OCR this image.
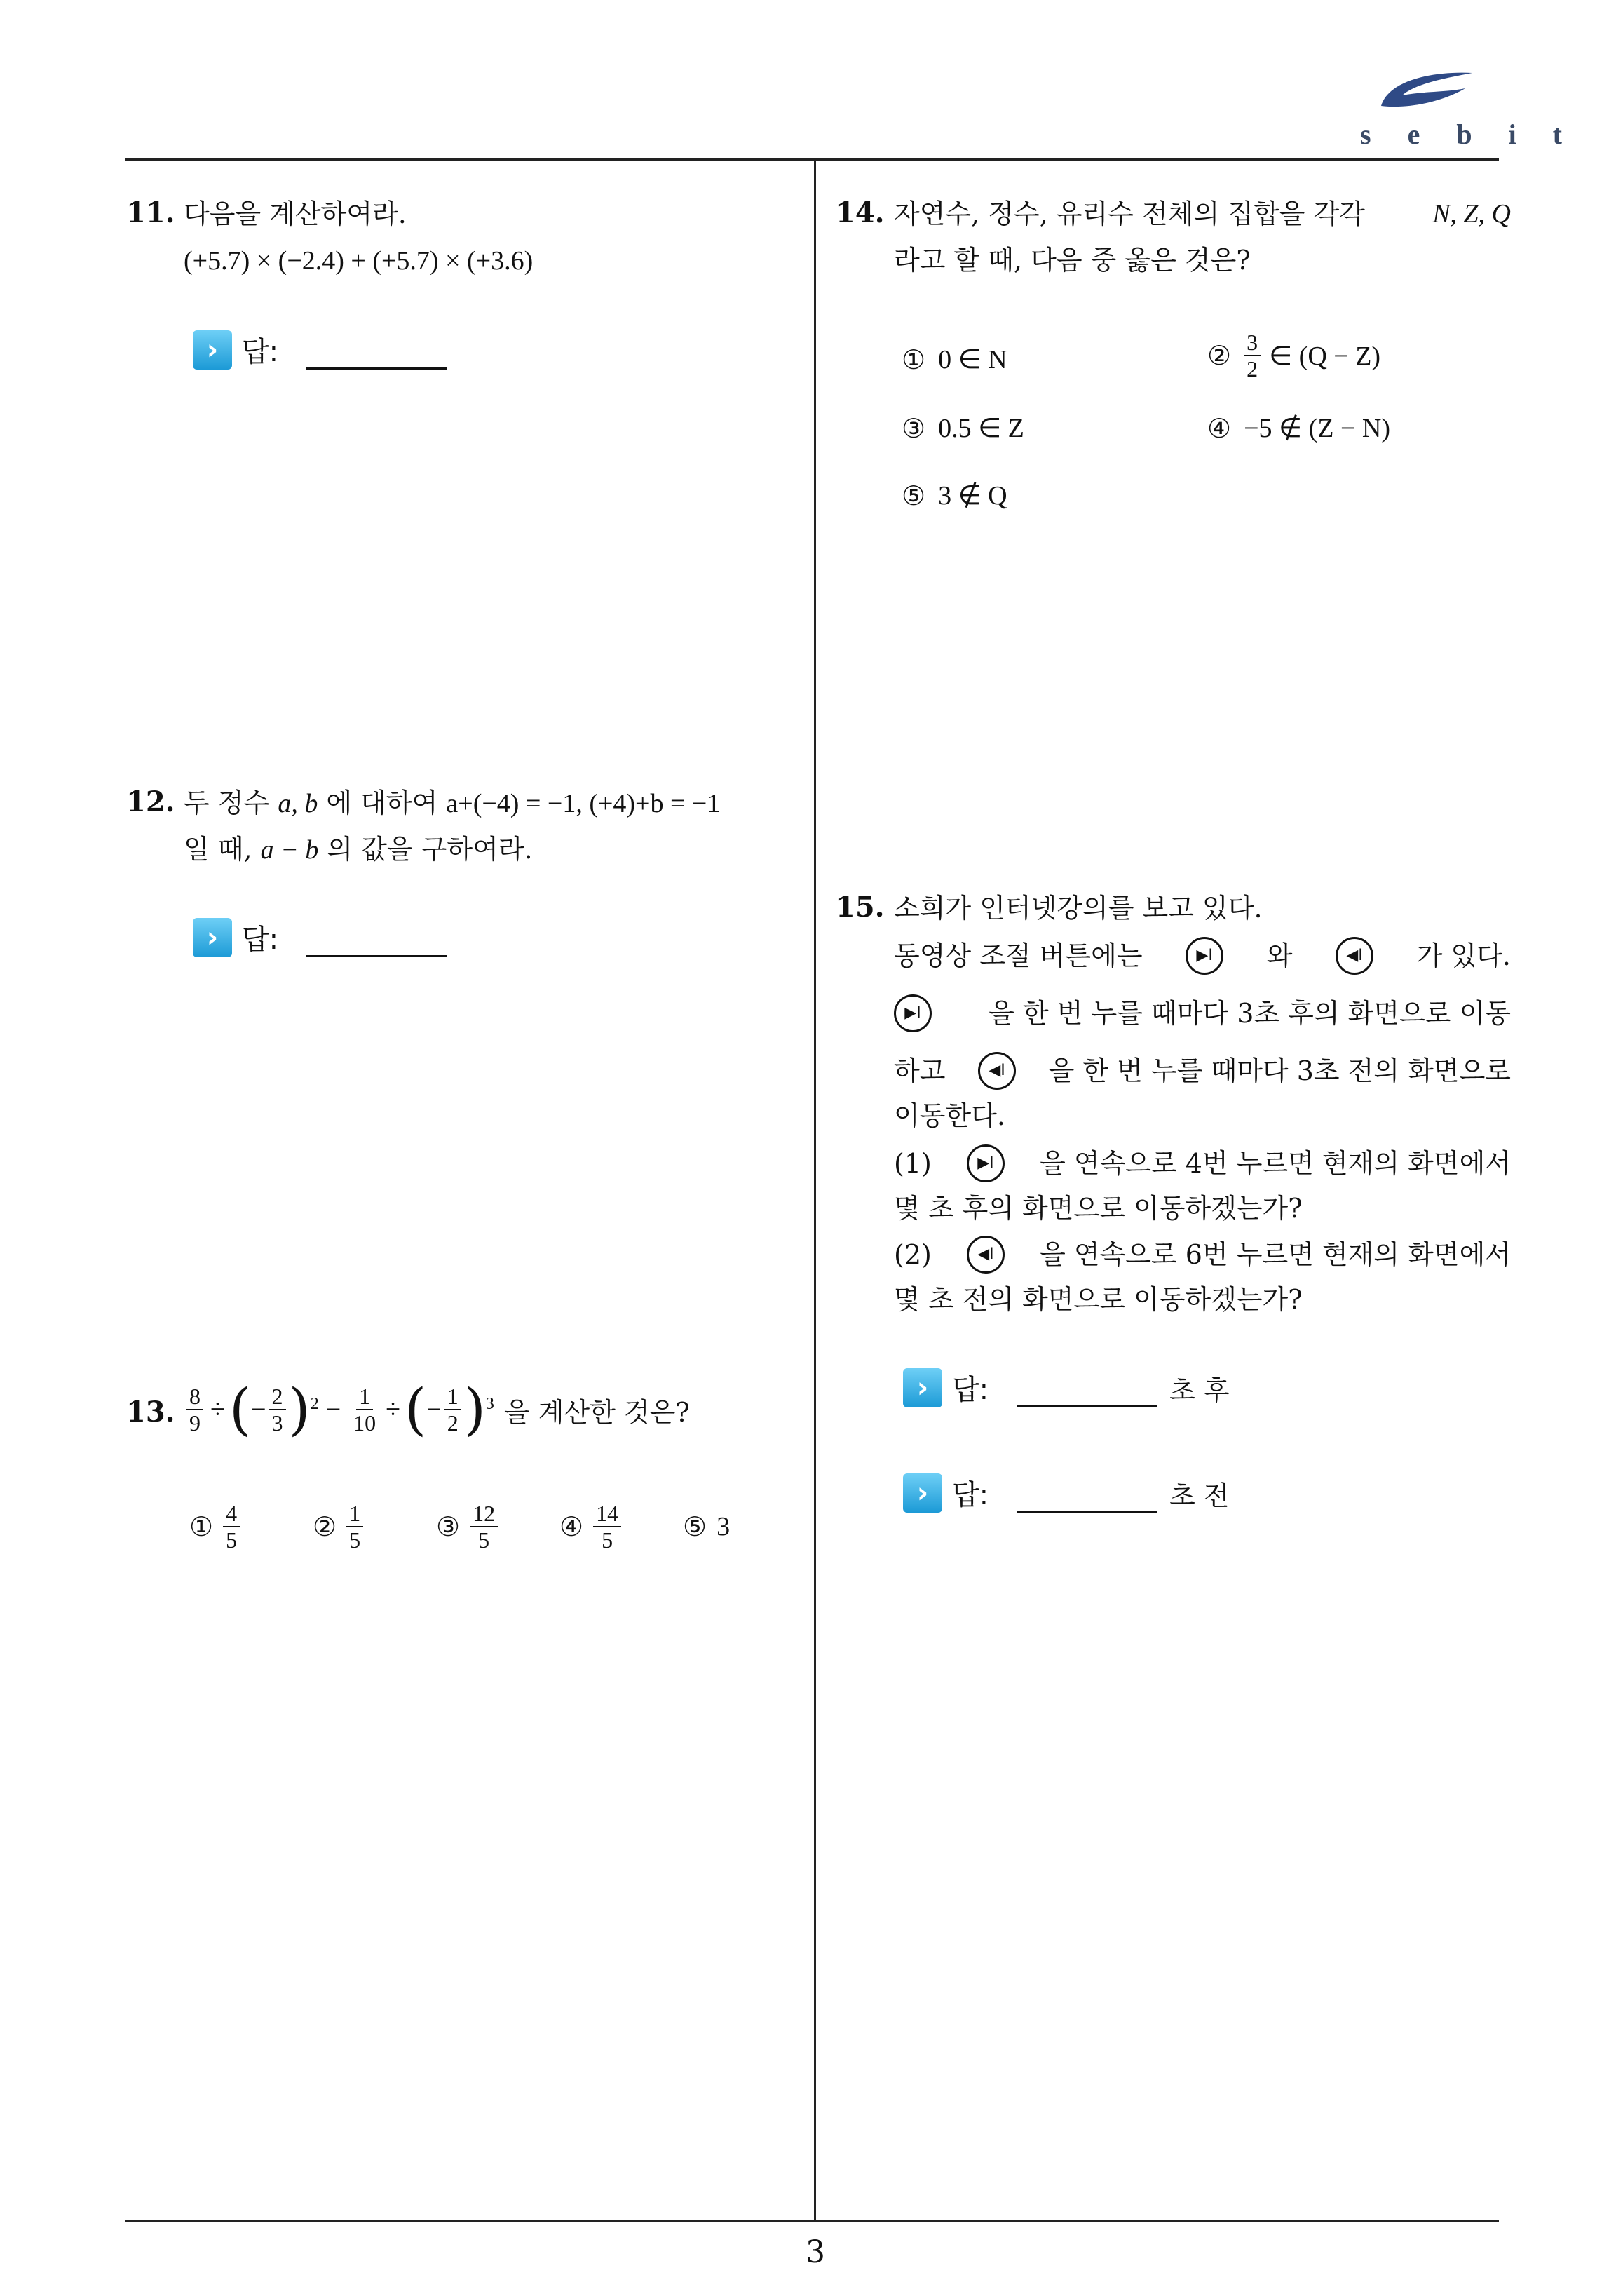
sebit
11. 다음을 계산하여라.
(+5.7) × (−2.4) + (+5.7) × (+3.6)
› 답:
12. 두 정수 a, b 에 대하여 a+(−4) = −1, (+4)+b = −1
일 때, a − b 의 값을 구하여라.
› 답:
13. $\frac{8}{9}$ ÷ ( − $\frac{2}{3}$ ) $2 - \frac{1}{10}$ ÷ ( − $\frac{1}{2}$ ) 3 을 계산한 것은?
① $\frac{4}{5}$	② $\frac{1}{5}$	③ $\frac{12}{5}$ ④ $\frac{14}{5}$ ⑤ 3
14. 자연수, 정수, 유리수 전체의 집합을 각각	N, Z, Q
라고 할 때, 다음 중 옳은 것은?
① 0 ∈ N	② $\frac{3}{2}$ ∈ (Q − Z)
③ 0.5 ∈ Z	④ −5 ∉ (Z − N)
⑤ 3 ∉ Q
15. 소희가 인터넷강의를 보고 있다.
동영상 조절 버튼에는	▶I	와	◀I	가 있다.
▶I	을 한 번 누를 때마다 3초 후의 화면으로 이동
하고	◀I	을 한 번 누를 때마다 3초 전의 화면으로
이동한다.
(1)	▶I	을 연속으로 4번 누르면 현재의 화면에서
몇 초 후의 화면으로 이동하겠는가?
(2)	◀I	을 연속으로 6번 누르면 현재의 화면에서
몇 초 전의 화면으로 이동하겠는가?
› 답:	초 후
› 답:	초 전
3
